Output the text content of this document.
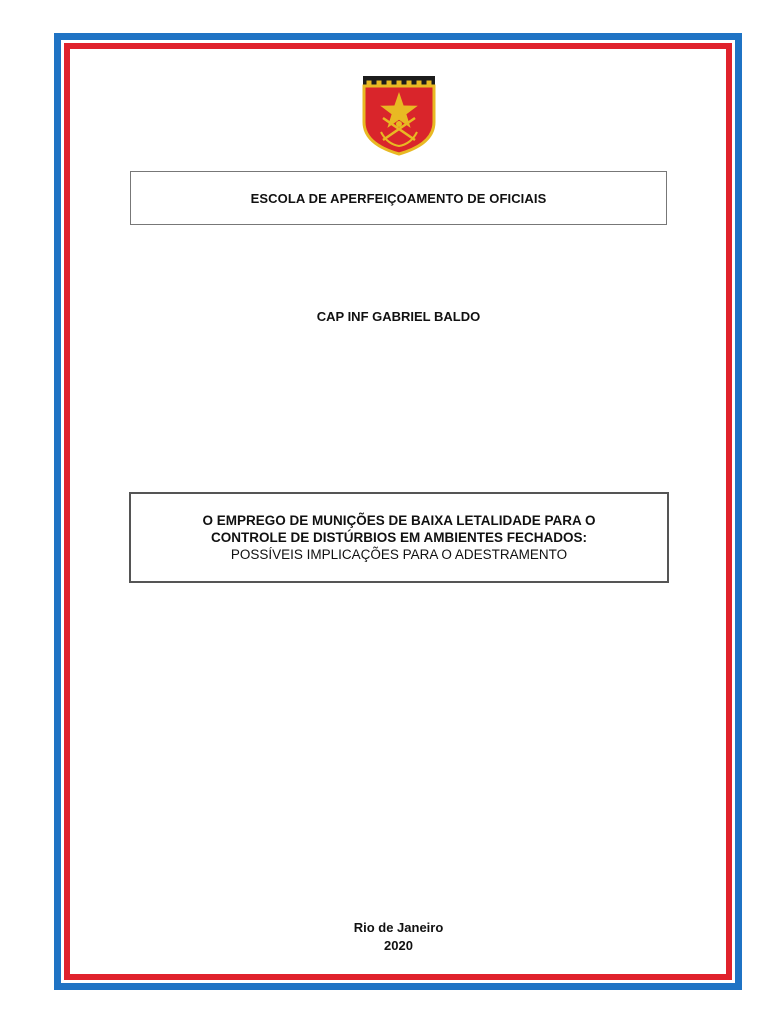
ESCOLA DE APERFEIÇOAMENTO DE OFICIAIS
CAP INF GABRIEL BALDO
O EMPREGO DE MUNIÇÕES DE BAIXA LETALIDADE PARA O
CONTROLE DE DISTÚRBIOS EM AMBIENTES FECHADOS:
POSSÍVEIS IMPLICAÇÕES PARA O ADESTRAMENTO
Rio de Janeiro
2020
